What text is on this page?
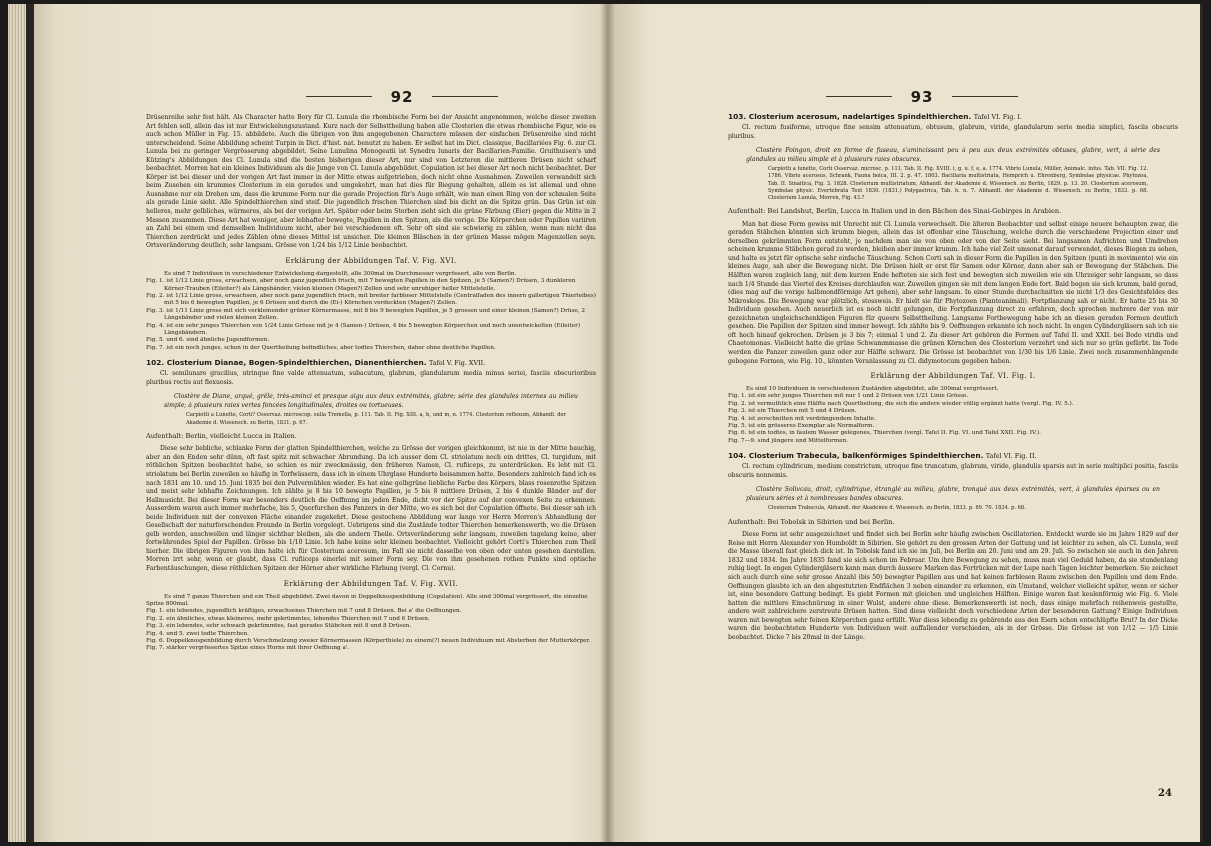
92

Drüsenreihe sehr fest hält. Als Character hatte Bory für Cl. Lunula die rhombische Form bei der Ansicht angenommen, welche dieser zweiten Art fehlen soll, allein das ist nur Entwickelungszustand. Kurz nach der Selbsttheilung haben alle Closterien die etwas rhombische Figur, wie es auch schon Müller in Fig. 15. abbildete. Auch die übrigen von ihm angegebenen Charactere müssen der einfachen Drüsenreihe sind nicht unterscheidend. Seine Abbildung scheint Turpin in Dict. d'hist. nat. benutzt zu haben. Er selbst hat im Dict. classique, Bacillariées Fig. 6. zur Cl. Lunula bei zu geringer Vergrösserung abgebildet. Seine Lunulina Monogeatii ist Synedra lunaris der Bacillarien-Familie. Gruithuisen's und Kützing's Abbildungen des Cl. Lunula sind die besten bisherigen dieser Art, nur sind von Letzteren die mittleren Drüsen nicht scharf beobachtet. Morren hat ein kleines Individuum als die Junge von Cl. Lunula abgebildet. Copulation ist bei dieser Art noch nicht beobachtet. Der Körper ist bei dieser und der vorigen Art fast immer in der Mitte etwas aufgetrieben, doch nicht ohne Ausnahmen. Zuweilen verwandelt sich beim Zusehen ein krummes Closterium in ein gerades und umgekehrt, man hat dies für Biegung gehalten, allein es ist allemal und ohne Ausnahme nur ein Drehen um, dass die krumme Form nur die gerade Projection für's Auge erhält, wie man einen Ring von der schmalen Seite als gerade Linie sieht. Alle Spindelthierchen sind steif. Die jugendlich frischen Thierchen sind bis dicht an die Spitze grün. Das Grün ist ein helleres, mehr gelbliches, wärmeres, als bei der vorigen Art. Später oder beim Sterben zieht sich die grüne Färbung (Eier) gegen die Mitte in 2 Massen zusammen. Diese Art hat weniger, aber lebhafter bewegte, Papillen in den Spitzen, als die vorige. Die Körperchen oder Papillen variiren an Zahl bei einem und demselben Individuum nicht, aber bei verschiedenen oft. Sehr oft sind sie schwierig zu zählen, wenn man nicht das Thierchen zerdrückt und jedes Zählen ohne dieses Mittel ist unsicher. Die kleinen Bläschen in der grünen Masse mögen Magenzellen seyn. Ortsveränderung deutlich, sehr langsam. Grösse von 1/24 bis 1/12 Linie beobachtet.

Erklärung der Abbildungen Taf. V. Fig. XVI.

Es sind 7 Individuen in verschiedener Entwickelung dargestellt, alle 300mal im Durchmesser vergrössert, alle von Berlin.

Fig. 1. ist 1/12 Linie gross, erwachsen, aber noch ganz jugendlich frisch, mit 7 bewegten Papillen in den Spitzen, je 5 (Samen?) Drüsen, 3 dunkleren Körner-Trauben (Eileiter?) als Längsbänder, vielen kleinen (Magen?) Zellen und sehr unruhiger heller Mittelstelle.

Fig. 2. ist 1/12 Linie gross, erwachsen, aber noch ganz jugendlich frisch, mit breiter farbloser Mittelstelle (Centralfaden des innern gallertigen Thierleibes) mit 5 bis 6 bewegten Papillen, je 6 Drüsen und durch die (Ei-) Körnchen verdeckten (Magen?) Zellen.

Fig. 3. ist 1/11 Linie gross mit sich verkleinender grüner Körnermasse, mit 8 bis 9 bewegten Papillen, je 5 grossen und einer kleinen (Samen?) Drüse, 2 Längsbänder und vielen kleinen Zellen.

Fig. 4. ist ein sehr junges Thierchen von 1/24 Linie Grösse mit je 4 (Samen-) Drüsen, 4 bis 5 bewegten Körperchen und noch unentwickelten (Eileiter) Längsbändern.

Fig. 5. und 6. sind ähnliche Jugendformen.

Fig. 7. ist ein noch junges, schon in der Quertheilung befindliches, aber todtes Thierchen, daher ohne deutliche Papillen.

102. Closterium Dianae, Bogen-Spindelthierchen, Dianenthierchen. Tafel V. Fig. XVII.

Cl. semilunare gracilius, utrinque fine valde attenuatum, subacutum, glabrum, glandularum media minus seriei, fasciis obscurioribus pluribus rectis aut flexuosis.

Clostère de Diane, arqué, grêle, très-aminci et presque aigu aux deux extrémités, glabre; série des glandules internes au milieu simple; à plusieurs raies vertes foncées longitudinales, droites ou tortueuses.

Carpiotti a Lunette, Corti? Osservaz. microscop. sulla Tremella, p. 111. Tab. II. Fig. XIII. a, b, und m, n. 1774. Closterium reflexum, Abhandl. der Akademie d. Wissensch. zu Berlin, 1831. p. 67.

Aufenthalt: Berlin, vielleicht Lucca in Italien.

Diese sehr liebliche, schlanke Form der glatten Spindelthierchen, welche zu Grösse der vorigen gleichkommt, ist nie in der Mitte bauchig, aber an den Enden sehr dünn, oft fast spitz mit schwacher Abrundung. Da ich ausser dem Cl. striolatum noch ein drittes, Cl. turgidum, mit röthlichen Spitzen beobachtet habe, so schien es mir zweckmässig, den früheren Namen, Cl. rufiiceps, zu unterdrücken. Es lebt mit Cl. striolatum bei Berlin zuweilen so häufig in Torfwässern, dass ich in einem Uhrglase Hunderte beisammen hatte. Besonders zahlreich fand ich es nach 1831 am 10. und 15. Juni 1835 bei den Pulvermühlen wieder. Es hat eine gelbgrüne liebliche Farbe des Körpers, blass rosenrothe Spitzen und meist sehr lebhafte Zeichnungen. Ich zählte je 8 bis 10 bewegte Papillen, je 5 bis 8 mittlere Drüsen, 2 bis 4 dunkle Bänder auf der Hallmasicht. Bei dieser Form war besonders deutlich die Oeffnung im jeden Ende, dicht vor der Spitze auf der convexen Seite zu erkennen. Ausserdem waren auch immer mehrfache, bis 5, Querfurchen des Panzers in der Mitte, wo es sich bei der Copulation öffnete. Bei dieser sah ich beide Individuen mit der convexen Fläche einander zugekehrt. Diese gestochene Abbildung war lange vor Herrn Morren's Abhandlung der Gesellschaft der naturforschenden Freunde in Berlin vorgelegt. Uebrigens sind die Zustände todter Thierchen bemerkenswerth, wo die Drüsen gelb werden, anschwellen und länger sichtbar bleiben, als die andern Theile. Ortsveränderung sehr langsam, zuweilen tagelang keine, aber fortwährendes Spiel der Papillen. Grösse bis 1/10 Linie. Ich habe keine sehr kleinen beobachtet. Vielleicht gehört Corti's Thierchen zum Theil hierher. Die übrigen Figuren von ihm halte ich für Closterium acerosum, im Fall sie nicht dasselbe von oben oder unten gesehen darstellen. Morren irrt sehr, wenn er glaubt, dass Cl. rufiiceps einerlei mit seiner Form sey. Die von ihm gesehenen rothen Punkte sind optische Farbentäuschungen, diese röthlichen Spitzen der Hörner aber wirkliche Färbung (vergl. Cl. Cornu).

Erklärung der Abbildungen Taf. V. Fig. XVII.

Es sind 7 ganze Thierchen und ein Theil abgebildet. Zwei davon in Doppelknospenbildung (Copulation). Alle sind 300mal vergrössert, die einzelne Spitze 800mal.

Fig. 1. ein lebendes, jugendlich kräftiges, erwachsenes Thierchen mit 7 und 8 Drüsen. Bei a' die Oeffnungen.

Fig. 2. ein ähnliches, etwas kleineres, mehr gekrümmtes, lebendes Thierchen mit 7 und 6 Drüsen.

Fig. 3. ein lebendes, sehr schwach gekrümmtes, fast gerades Stäbchen mit 8 und 8 Drüsen.

Fig. 4. und 5. zwei todte Thierchen.

Fig. 6. Doppelknospenbildung durch Verschmelzung zweier Körnermassen (Körperthiele) zu einem(?) neuen Individuum mit Absterben der Mutterkörper.

Fig. 7. stärker vergrössertes Spitze eines Horns mit ihrer Oeffnung a'.

93
103. Closterium acerosum, nadelartiges Spindelthierchen. Tafel VI. Fig. I.

Cl. rectum fusiforme, utroque fine sensim attenuatum, obtusum, glabrum, viride, glandularum serie media simplici, fasciis obscuris pluribus.

Clostère Poingon, droit en forme de fuseau, s'amincissant peu à peu aux deux extrémités obtuses, glabre, vert, à série des glandules au milieu simple et à plusieurs raies obscures.

Carpiotti a lunette, Corti Osservaz. microsc. p. 111. Tab. II. Fig. XVIII. i, g. u. f, e, a. 1774. Vibrio Lunula, Müller, Animalc. infus. Tab. VII. Fig. 12. 1786. Vibrio acerosus, Schrank, Fauna boica, III. 2. p. 47. 1803. Bacillaria multistriata, Hemprich u. Ehrenberg, Symbolae physicae. Phytozoa, Tab. II. Sinaitica, Fig. 3. 1828. Closterium multistriatum, Abhandl. der Akademie d. Wissensch. zu Berlin, 1829. p. 13. 20. Closterium acerosum, Symbolae physic. Evertebrata Text 1830. (1831.) Polygastrica, Tab. h. n. 7. Abhandl. der Akademie d. Wissensch. zu Berlin, 1833. p. 68. Closterium Lunula, Morren, Fig. 43.?

Aufenthalt: Bei Landshut, Berlin, Lucca in Italien und in den Bächen des Sinai-Gebirges in Arabien.

Man hat diese Form gewiss mit Unrecht mit Cl. Lunula verwechselt. Die älteren Beobachter und selbst einige neuere behaupten zwar, die geraden Stäbchen könnten sich krumm biegen, allein das ist offenbar eine Täuschung, welche durch die verschiedene Projection einer und derselben gekrümmten Form entsteht, je nachdem man sie von oben oder von der Seite sieht. Bei langsamen Aufrichten und Umdrehen scheinen krumme Stäbchen gerad zu werden, bleiben aber immer krumm. Ich habe viel Zeit umsonst darauf verwendet, dieses Biegen zu sehen, und halte es jetzt für optische sehr einfache Täuschung. Schon Corti sah in dieser Form die Papillen in den Spitzen (punti in movimento) wie ein kleines Auge, sah aber die Bewegung nicht. Die Drüsen hielt er erst für Samen oder Körner, dann aber sah er Bewegung der Stäbchen. Die Hälften waren zugleich lang, mit dem kurzen Ende hefteten sie sich fest und bewegten sich zuweilen wie ein Uhrzeiger sehr langsam, so dass nach 1/4 Stunde das Viertel des Kreises durchlaufen war. Zuweilen gingen sie mit dem langen Ende fort. Bald bogen sie sich krumm, bald gerad, (dies mag auf die vorige halbmondförmige Art gehen), aber sehr langsam. In einer Stunde durchschnitten sie nicht 1/3 des Gesichtsfeldes des Mikroskops. Die Bewegung war plötzlich, stossweis. Er hielt sie für Phytozoen (Pianteanimali). Fortpflanzung sah er nicht. Er hatte 25 bis 30 Individuen gesehen. Auch neuerlich ist es noch nicht gelungen, die Fortpflanzung direct zu erfahren, doch sprechen mehrere der von mir gezeichneten ungleichschenkligen Figuren für queere Selbsttheilung. Langsame Fortbewegung habe ich an diesen geraden Formen deutlich gesehen. Die Papillen der Spitzen sind immer bewegt. Ich zählte bis 9. Oeffnungen erkannte ich noch nicht. In engen Cylindergläsern sah ich sie oft hoch hinauf gekrochen. Drüsen je 3 bis 7; einmal 1 und 2. Zu dieser Art gehören die Formen auf Tafel II. und XXII. bei Bodo viridis und Chaetomonas. Vielleicht hatte die grüne Schwammmasse die grünen Körnchen des Closterium verzehrt und sich nur so grün gefärbt. Im Tode werden die Panzer zuweilen ganz oder zur Hälfte schwarz. Die Grösse ist beobachtet von 1/30 bis 1/6 Linie. Zwei noch zusammenhängende gebogene Formen, wie Fig. 10., könnten Veranlassung zu Cl. didymotocum gegeben haben.

Erklärung der Abbildungen Taf. VI. Fig. I.

Es sind 10 Individuen in verschiedenen Zuständen abgebildet, alle 300mal vergrössert.

Fig. 1. ist ein sehr junges Thierchen mit nur 1 und 2 Drüsen von 1/21 Linie Grösse.

Fig. 2. ist vermuthlich eine Hälfte nach Quertheilung, die sich die andere wieder völlig ergänzt hatte (vergl. Fig. IV. 5.).

Fig. 3. ist ein Thierchen mit 5 und 4 Drüsen.

Fig. 4. ist zerschnitten mit verdrängendem Inhalte.

Fig. 5. ist ein grösseres Exemplar als Normalform.

Fig. 6. ist ein todtes, in faulem Wasser gelegenes, Thierchen (vergl. Tafel II. Fig. VI. und Tafel XXII. Fig. IV.).

Fig. 7—9. sind jüngere und Mittelformen.

104. Closterium Trabecula, balkenförmiges Spindelthierchen. Tafel VI. Fig. II.

Cl. rectum cylindricum, medium constrictum, utroque fine truncatum, glabrum, viride, glandulis sparsis aut in serie multiplici positis, fasciis obscuris nonnemis.

Clostère Solivcau, droit, cylindrique, étranglé au milieu, glabre, tronqué aux deux extrémités, vert, à glandules éparses ou en plusieurs séries et à nombreuses bandes obscures.

Closterium Trabecula, Abhandl. der Akademie d. Wissensch. zu Berlin, 1833. p. 69. 70. 1834. p. 68.

Aufenthalt: Bei Tobolsk in Sibirien und bei Berlin.

Diese Form ist sehr ausgezeichnet und findet sich bei Berlin sehr häufig zwischen Oscillatorien. Entdeckt wurde sie im Jahre 1829 auf der Reise mit Herrn Alexander von Humboldt in Sibirien. Sie gehört zu den grossen Arten der Gattung und ist leichter zu sehen, als Cl. Lunula, weil die Masse überall fast gleich dick ist. In Tobolsk fand ich sie im Juli, bei Berlin am 20. Juni und am 29. Juli. So zwischen sie auch in den Jahren 1832 und 1834. Im Jahre 1835 fand sie sich schon im Februar. Um ihre Bewegung zu sehen, muss man viel Geduld haben, da sie stundenlang ruhig liegt. In engen Cylindergläsern kann man durch äussere Marken das Fortrücken mit der Lupe nach Tagen leichter bemerken. Sie zeichnet sich auch durch eine sehr grosse Anzahl (bis 50) bewegter Papillen aus und hat keinen farblosen Raum zwischen den Papillen und dem Ende. Oeffnungen glaubte ich an den abgestutzten Endflächen 3 neben einander zu erkennen, ein Umstand, welcher vielleicht später, wenn er sicher ist, eine besondere Gattung bedingt. Es giebt Formen mit gleichen und ungleichen Hälften. Einige waren fast keulenförmig wie Fig. 6. Viele hatten die mittlere Einschnürung in einer Wulst, andere ohne diese. Bemerkenswerth ist noch, dass einige mehrfach reihenweis gestellte, andere weit zahlreichere zerstreute Drüsen hatten. Sind diess vielleicht doch verschiedene Arten der besonderen Gattung? Einige Individuen waren mit bewegten sehr feinen Körperchen ganz erfüllt. War diess lebendig zu gebärende aus den Eiern schon entschlüpfte Brut? In der Dicke waren die beobachteten Hunderte von Individuen weit auffallender verschieden, als in der Grösse. Die Grösse ist von 1/12 — 1/5 Linie beobachtet. Dicke 7 bis 20mal in der Länge.

24
